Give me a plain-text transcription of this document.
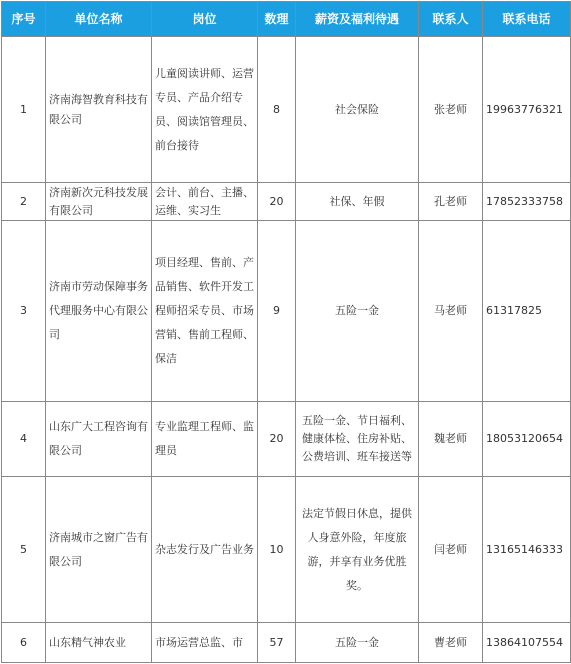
序号	单位名称	岗位	数理	薪资及福利待遇	联系人	联系电话
1	济南海智教育科技有限公司	儿童阅读讲师、运营专员、产品介绍专员、阅读馆管理员、前台接待	8	社会保险	张老师	19963776321
2	济南新次元科技发展有限公司	会计、前台、主播、运维、实习生	20	社保、年假	孔老师	17852333758
3	济南市劳动保障事务代理服务中心有限公司	项目经理、售前、产品销售、软件开发工程师招采专员、市场营销、售前工程师、保洁	9	五险一金	马老师	61317825
4	山东广大工程咨询有限公司	专业监理工程师、监理员	20	五险一金、节日福利、健康体检、住房补贴、公费培训、班车接送等	魏老师	18053120654
5	济南城市之窗广告有限公司	杂志发行及广告业务	10	法定节假日休息，提供人身意外险，年度旅游，并享有业务优胜奖。	闫老师	13165146333
6	山东精气神农业	市场运营总监、市	57	五险一金	曹老师	13864107554
